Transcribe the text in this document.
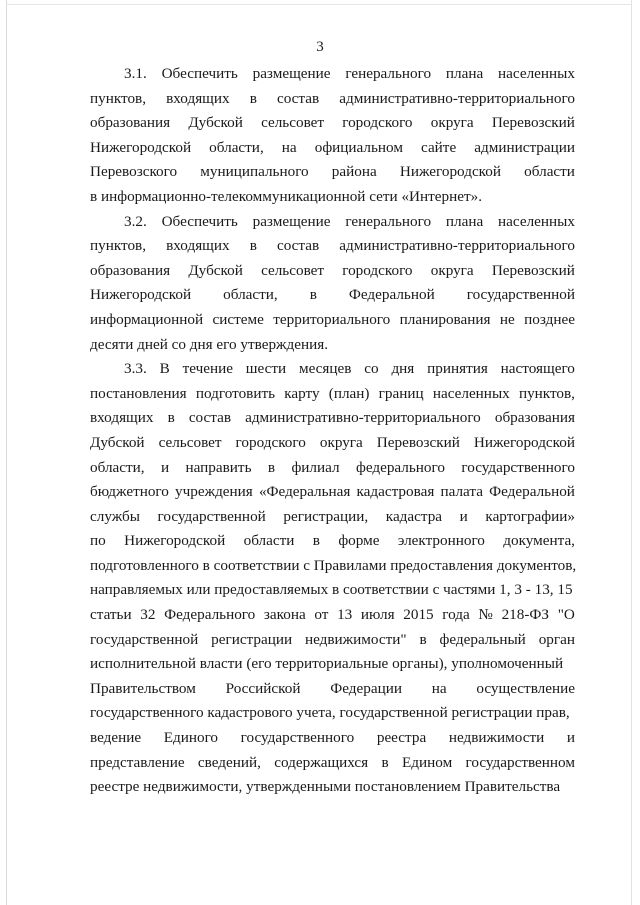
3
3.1. Обеспечить размещение генерального плана населенных
пунктов, входящих в состав административно-территориального
образования Дубской сельсовет городского округа Перевозский
Нижегородской области, на официальном сайте администрации
Перевозского муниципального района Нижегородской области
в информационно-телекоммуникационной сети «Интернет».
3.2. Обеспечить размещение генерального плана населенных
пунктов, входящих в состав административно-территориального
образования Дубской сельсовет городского округа Перевозский
Нижегородской области, в Федеральной государственной
информационной системе территориального планирования не позднее
десяти дней со дня его утверждения.
3.3. В течение шести месяцев со дня принятия настоящего
постановления подготовить карту (план) границ населенных пунктов,
входящих в состав административно-территориального образования
Дубской сельсовет городского округа Перевозский Нижегородской
области, и направить в филиал федерального государственного
бюджетного учреждения «Федеральная кадастровая палата Федеральной
службы государственной регистрации, кадастра и картографии»
по Нижегородской области в форме электронного документа,
подготовленного в соответствии с Правилами предоставления документов,
направляемых или предоставляемых в соответствии с частями 1, 3 - 13, 15
статьи 32 Федерального закона от 13 июля 2015 года № 218-ФЗ "О
государственной регистрации недвижимости" в федеральный орган
исполнительной власти (его территориальные органы), уполномоченный
Правительством Российской Федерации на осуществление
государственного кадастрового учета, государственной регистрации прав,
ведение Единого государственного реестра недвижимости и
представление сведений, содержащихся в Едином государственном
реестре недвижимости, утвержденными постановлением Правительства
